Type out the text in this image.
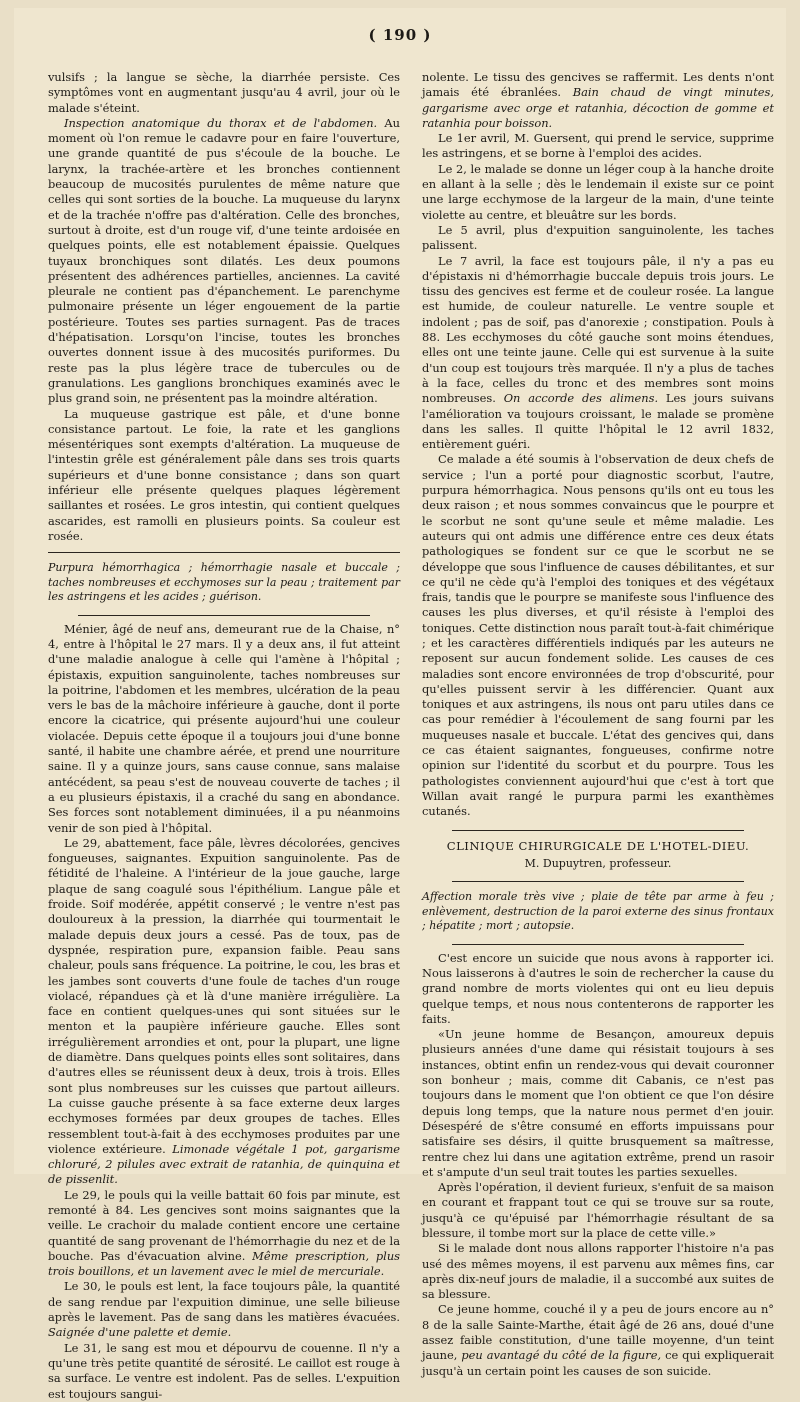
( 190 )

vulsifs ; la langue se sèche, la diarrhée persiste. Ces symptômes vont en augmentant jusqu'au 4 avril, jour où le malade s'éteint.

Inspection anatomique du thorax et de l'abdomen. Au moment où l'on remue le cadavre pour en faire l'ouverture, une grande quantité de pus s'écoule de la bouche. Le larynx, la trachée-artère et les bronches contiennent beaucoup de mucosités purulentes de même nature que celles qui sont sorties de la bouche. La muqueuse du larynx et de la trachée n'offre pas d'altération. Celle des bronches, surtout à droite, est d'un rouge vif, d'une teinte ardoisée en quelques points, elle est notablement épaissie. Quelques tuyaux bronchiques sont dilatés. Les deux poumons présentent des adhérences partielles, anciennes. La cavité pleurale ne contient pas d'épanchement. Le parenchyme pulmonaire présente un léger engouement de la partie postérieure. Toutes ses parties surnagent. Pas de traces d'hépatisation. Lorsqu'on l'incise, toutes les bronches ouvertes donnent issue à des mucosités puriformes. Du reste pas la plus légère trace de tubercules ou de granulations. Les ganglions bronchiques examinés avec le plus grand soin, ne présentent pas la moindre altération.

La muqueuse gastrique est pâle, et d'une bonne consistance partout. Le foie, la rate et les ganglions mésentériques sont exempts d'altération. La muqueuse de l'intestin grêle est généralement pâle dans ses trois quarts supérieurs et d'une bonne consistance ; dans son quart inférieur elle présente quelques plaques légèrement saillantes et rosées. Le gros intestin, qui contient quelques ascarides, est ramolli en plusieurs points. Sa couleur est rosée.

Purpura hémorrhagica ; hémorrhagie nasale et buccale ; taches nombreuses et ecchymoses sur la peau ; traitement par les astringens et les acides ; guérison.

Ménier, âgé de neuf ans, demeurant rue de la Chaise, n° 4, entre à l'hôpital le 27 mars. Il y a deux ans, il fut atteint d'une maladie analogue à celle qui l'amène à l'hôpital ; épistaxis, expuition sanguinolente, taches nombreuses sur la poitrine, l'abdomen et les membres, ulcération de la peau vers le bas de la mâchoire inférieure à gauche, dont il porte encore la cicatrice, qui présente aujourd'hui une couleur violacée. Depuis cette époque il a toujours joui d'une bonne santé, il habite une chambre aérée, et prend une nourriture saine. Il y a quinze jours, sans cause connue, sans malaise antécédent, sa peau s'est de nouveau couverte de taches ; il a eu plusieurs épistaxis, il a craché du sang en abondance. Ses forces sont notablement diminuées, il a pu néanmoins venir de son pied à l'hôpital.

Le 29, abattement, face pâle, lèvres décolorées, gencives fongueuses, saignantes. Expuition sanguinolente. Pas de fétidité de l'haleine. A l'intérieur de la joue gauche, large plaque de sang coagulé sous l'épithélium. Langue pâle et froide. Soif modérée, appétit conservé ; le ventre n'est pas douloureux à la pression, la diarrhée qui tourmentait le malade depuis deux jours a cessé. Pas de toux, pas de dyspnée, respiration pure, expansion faible. Peau sans chaleur, pouls sans fréquence. La poitrine, le cou, les bras et les jambes sont couverts d'une foule de taches d'un rouge violacé, répandues çà et là d'une manière irrégulière. La face en contient quelques-unes qui sont situées sur le menton et la paupière inférieure gauche. Elles sont irrégulièrement arrondies et ont, pour la plupart, une ligne de diamètre. Dans quelques points elles sont solitaires, dans d'autres elles se réunissent deux à deux, trois à trois. Elles sont plus nombreuses sur les cuisses que partout ailleurs. La cuisse gauche présente à sa face externe deux larges ecchymoses formées par deux groupes de taches. Elles ressemblent tout-à-fait à des ecchymoses produites par une violence extérieure. Limonade végétale 1 pot, gargarisme chloruré, 2 pilules avec extrait de ratanhia, de quinquina et de pissenlit.

Le 29, le pouls qui la veille battait 60 fois par minute, est remonté à 84. Les gencives sont moins saignantes que la veille. Le crachoir du malade contient encore une certaine quantité de sang provenant de l'hémorrhagie du nez et de la bouche. Pas d'évacuation alvine. Même prescription, plus trois bouillons, et un lavement avec le miel de mercuriale.

Le 30, le pouls est lent, la face toujours pâle, la quantité de sang rendue par l'expuition diminue, une selle bilieuse après le lavement. Pas de sang dans les matières évacuées. Saignée d'une palette et demie.

Le 31, le sang est mou et dépourvu de couenne. Il n'y a qu'une très petite quantité de sérosité. Le caillot est rouge à sa surface. Le ventre est indolent. Pas de selles. L'expuition est toujours sangui-

nolente. Le tissu des gencives se raffermit. Les dents n'ont jamais été ébranlées. Bain chaud de vingt minutes, gargarisme avec orge et ratanhia, décoction de gomme et ratanhia pour boisson.

Le 1er avril, M. Guersent, qui prend le service, supprime les astringens, et se borne à l'emploi des acides.

Le 2, le malade se donne un léger coup à la hanche droite en allant à la selle ; dès le lendemain il existe sur ce point une large ecchymose de la largeur de la main, d'une teinte violette au centre, et bleuâtre sur les bords.

Le 5 avril, plus d'expuition sanguinolente, les taches palissent.

Le 7 avril, la face est toujours pâle, il n'y a pas eu d'épistaxis ni d'hémorrhagie buccale depuis trois jours. Le tissu des gencives est ferme et de couleur rosée. La langue est humide, de couleur naturelle. Le ventre souple et indolent ; pas de soif, pas d'anorexie ; constipation. Pouls à 88. Les ecchymoses du côté gauche sont moins étendues, elles ont une teinte jaune. Celle qui est survenue à la suite d'un coup est toujours très marquée. Il n'y a plus de taches à la face, celles du tronc et des membres sont moins nombreuses. On accorde des alimens. Les jours suivans l'amélioration va toujours croissant, le malade se promène dans les salles. Il quitte l'hôpital le 12 avril 1832, entièrement guéri.

Ce malade a été soumis à l'observation de deux chefs de service ; l'un a porté pour diagnostic scorbut, l'autre, purpura hémorrhagica. Nous pensons qu'ils ont eu tous les deux raison ; et nous sommes convaincus que le pourpre et le scorbut ne sont qu'une seule et même maladie. Les auteurs qui ont admis une différence entre ces deux états pathologiques se fondent sur ce que le scorbut ne se développe que sous l'influence de causes débilitantes, et sur ce qu'il ne cède qu'à l'emploi des toniques et des végétaux frais, tandis que le pourpre se manifeste sous l'influence des causes les plus diverses, et qu'il résiste à l'emploi des toniques. Cette distinction nous paraît tout-à-fait chimérique ; et les caractères différentiels indiqués par les auteurs ne reposent sur aucun fondement solide. Les causes de ces maladies sont encore environnées de trop d'obscurité, pour qu'elles puissent servir à les différencier. Quant aux toniques et aux astringens, ils nous ont paru utiles dans ce cas pour remédier à l'écoulement de sang fourni par les muqueuses nasale et buccale. L'état des gencives qui, dans ce cas étaient saignantes, fongueuses, confirme notre opinion sur l'identité du scorbut et du pourpre. Tous les pathologistes conviennent aujourd'hui que c'est à tort que Willan avait rangé le purpura parmi les exanthèmes cutanés.

CLINIQUE CHIRURGICALE DE L'HOTEL-DIEU.
M. Dupuytren, professeur.

Affection morale très vive ; plaie de tête par arme à feu ; enlèvement, destruction de la paroi externe des sinus frontaux ; hépatite ; mort ; autopsie.

C'est encore un suicide que nous avons à rapporter ici. Nous laisserons à d'autres le soin de rechercher la cause du grand nombre de morts violentes qui ont eu lieu depuis quelque temps, et nous nous contenterons de rapporter les faits.

«Un jeune homme de Besançon, amoureux depuis plusieurs années d'une dame qui résistait toujours à ses instances, obtint enfin un rendez-vous qui devait couronner son bonheur ; mais, comme dit Cabanis, ce n'est pas toujours dans le moment que l'on obtient ce que l'on désire depuis long temps, que la nature nous permet d'en jouir. Désespéré de s'être consumé en efforts impuissans pour satisfaire ses désirs, il quitte brusquement sa maîtresse, rentre chez lui dans une agitation extrême, prend un rasoir et s'ampute d'un seul trait toutes les parties sexuelles.

Après l'opération, il devient furieux, s'enfuit de sa maison en courant et frappant tout ce qui se trouve sur sa route, jusqu'à ce qu'épuisé par l'hémorrhagie résultant de sa blessure, il tombe mort sur la place de cette ville.»

Si le malade dont nous allons rapporter l'histoire n'a pas usé des mêmes moyens, il est parvenu aux mêmes fins, car après dix-neuf jours de maladie, il a succombé aux suites de sa blessure.

Ce jeune homme, couché il y a peu de jours encore au n° 8 de la salle Sainte-Marthe, était âgé de 26 ans, doué d'une assez faible constitution, d'une taille moyenne, d'un teint jaune, peu avantagé du côté de la figure, ce qui expliquerait jusqu'à un certain point les causes de son suicide.
